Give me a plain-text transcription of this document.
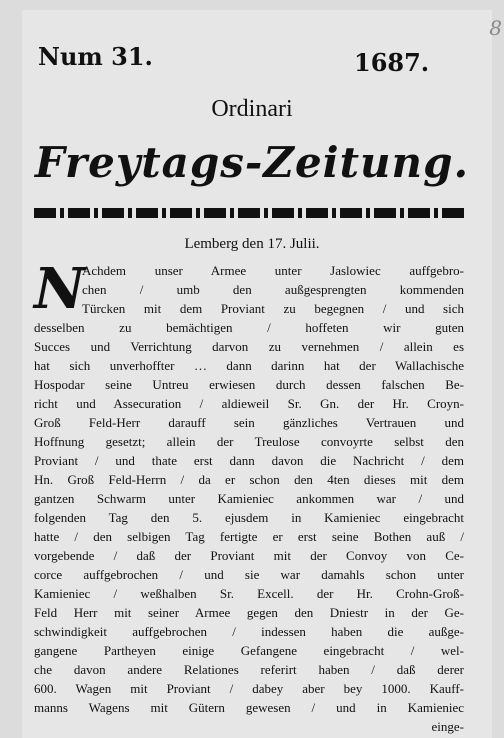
8
Num 31.	1687.
Ordinari
Freytags-Zeitung.
Lemberg den 17. Julii.
N
Achdem unser Armee unter Jaslowiec auffgebro-
chen / umb den außgesprengten kommenden
Türcken mit dem Proviant zu begegnen / und sich
desselben zu bemächtigen / hoffeten wir guten
Succes und Verrichtung darvon zu vernehmen / allein es
hat sich unverhoffter … dann darinn hat der Wallachische
Hospodar seine Untreu erwiesen durch dessen falschen Be-
richt und Assecuration / aldieweil Sr. Gn. der Hr. Croyn-
Groß Feld-Herr darauff sein gänzliches Vertrauen und
Hoffnung gesetzt; allein der Treulose convoyrte selbst den
Proviant / und thate erst dann davon die Nachricht / dem
Hn. Groß Feld-Herrn / da er schon den 4ten dieses mit dem
gantzen Schwarm unter Kamieniec ankommen war / und
folgenden Tag den 5. ejusdem in Kamieniec eingebracht
hatte / den selbigen Tag fertigte er erst seine Bothen auß /
vorgebende / daß der Proviant mit der Convoy von Ce-
corce auffgebrochen / und sie war damahls schon unter
Kamieniec / weßhalben Sr. Excell. der Hr. Crohn-Groß-
Feld Herr mit seiner Armee gegen den Dniestr in der Ge-
schwindigkeit auffgebrochen / indessen haben die außge-
gangene Partheyen einige Gefangene eingebracht / wel-
che davon andere Relationes referirt haben / daß derer
600. Wagen mit Proviant / dabey aber bey 1000. Kauff-
manns Wagens mit Gütern gewesen / und in Kamieniec
einge-
